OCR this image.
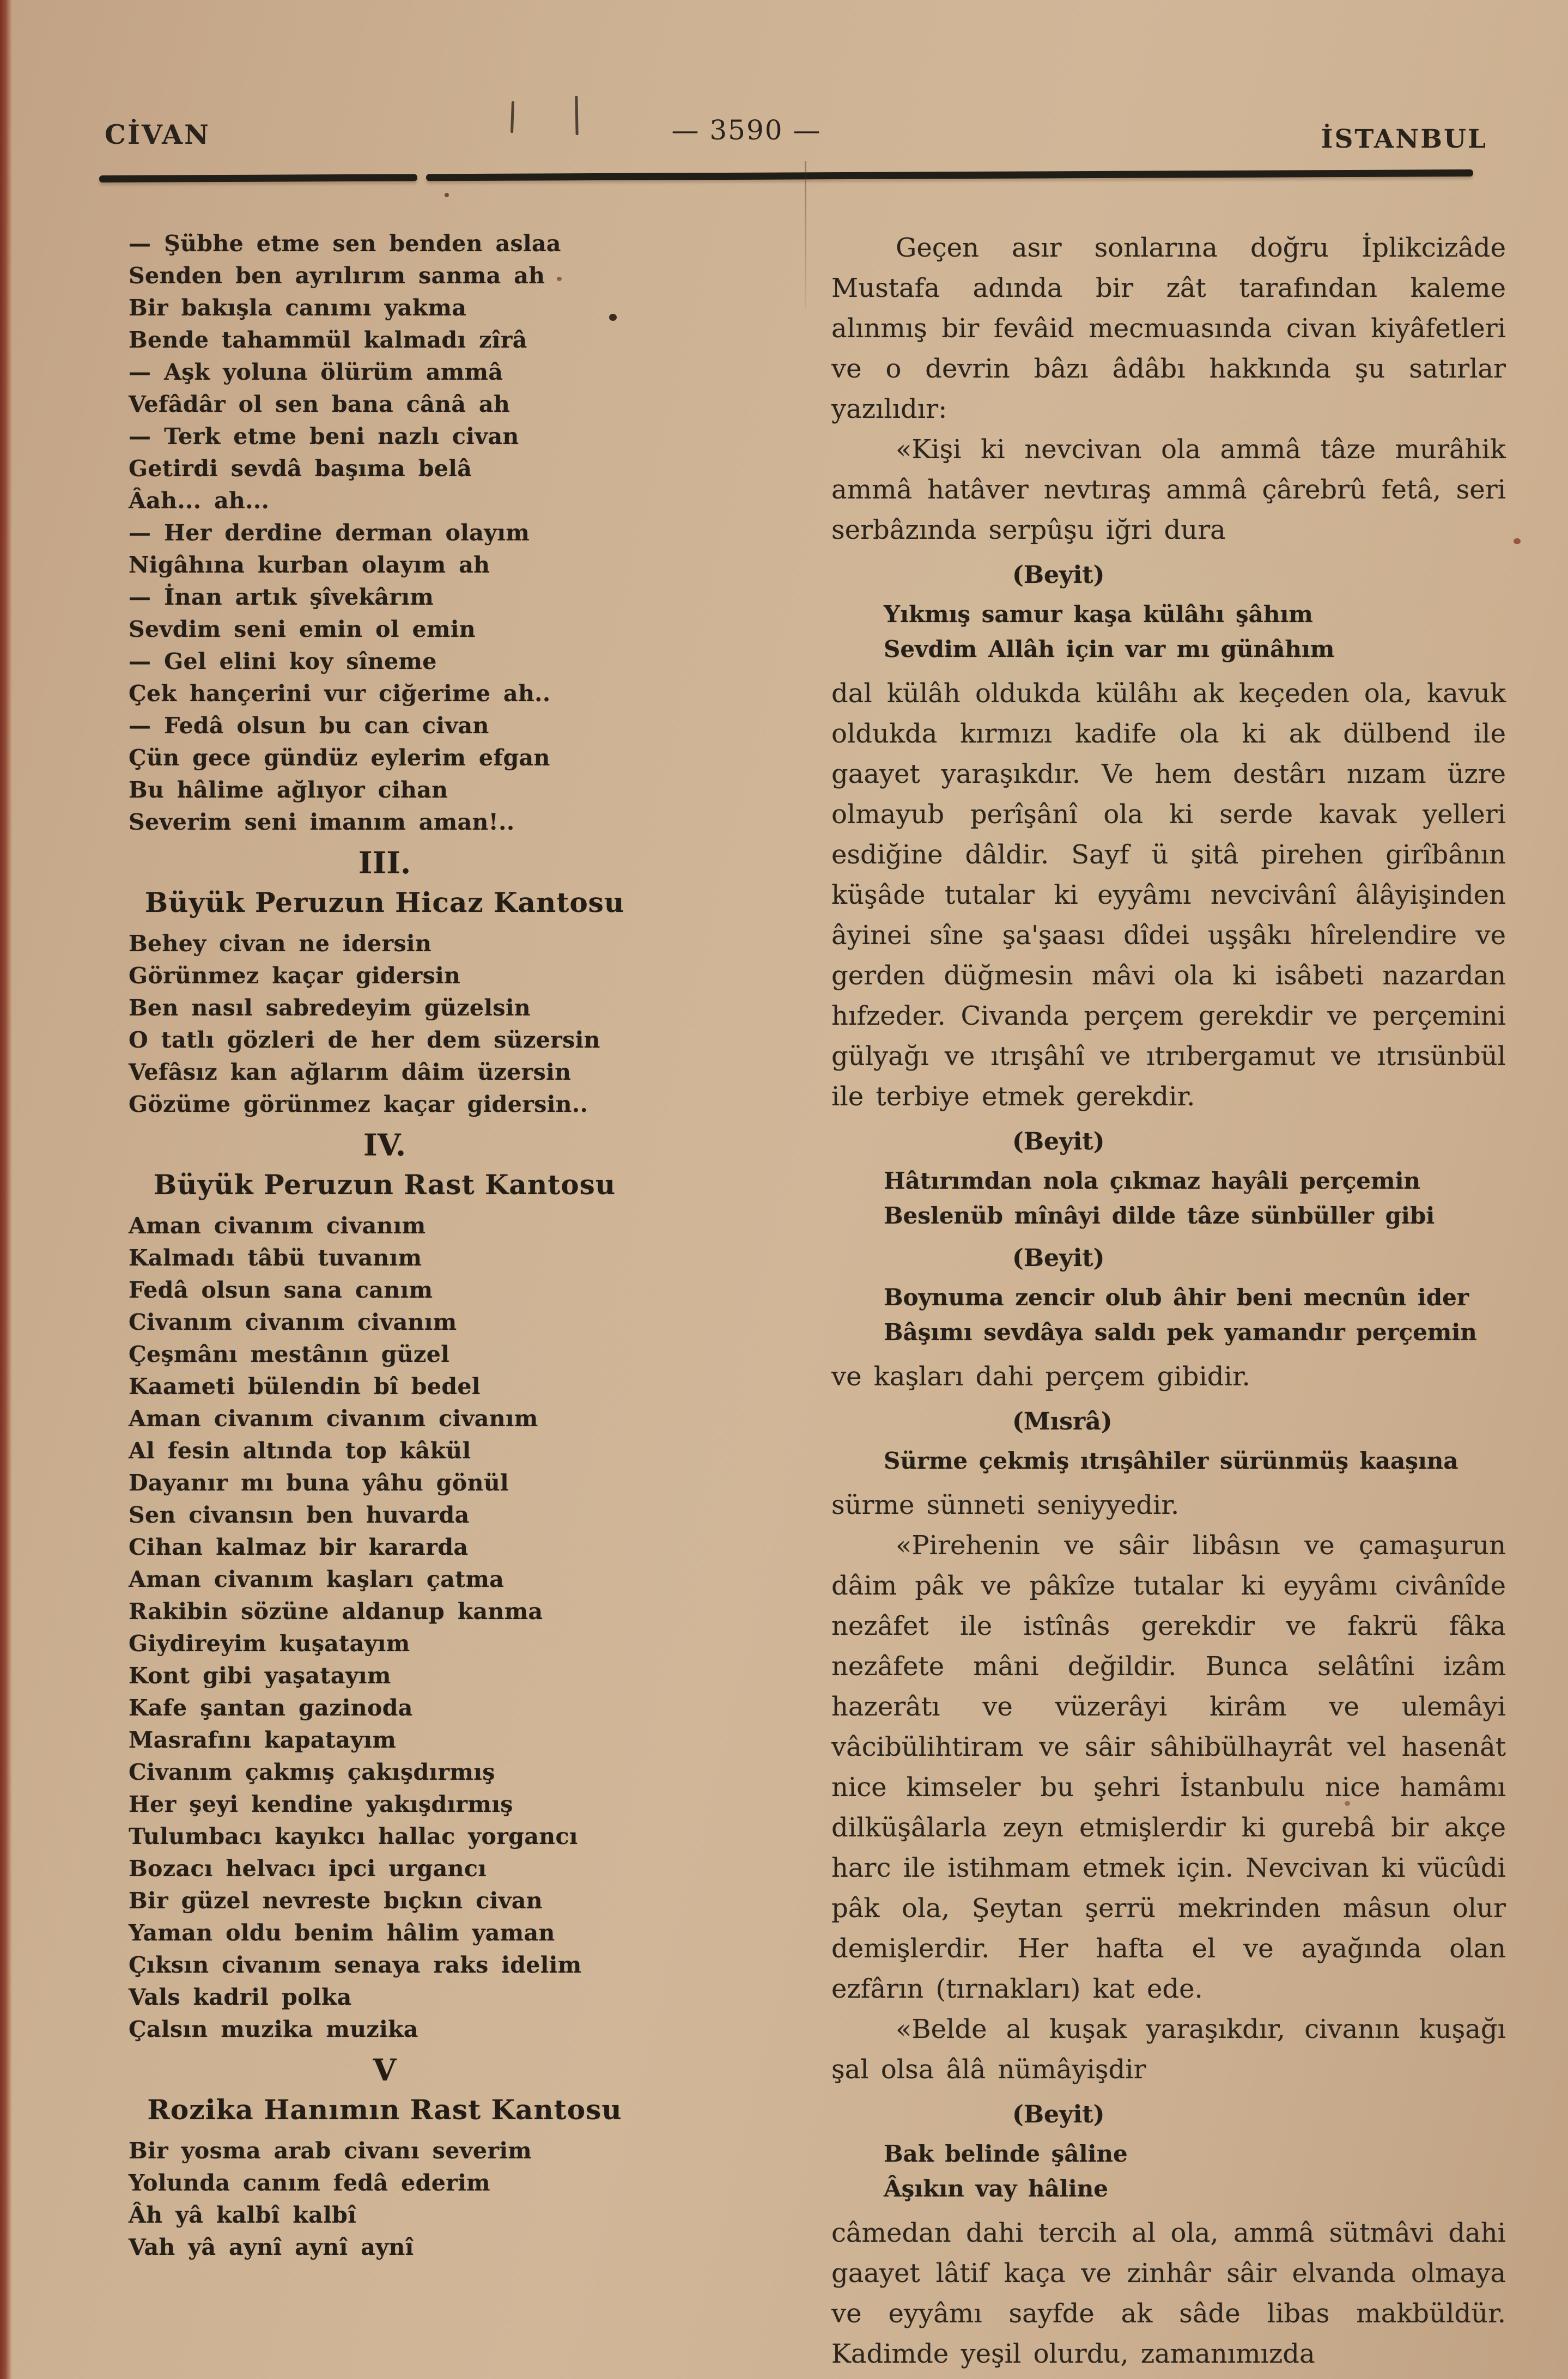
CİVAN	— 3590 —	İSTANBUL
— Şübhe etme sen benden aslaa
Senden ben ayrılırım sanma ah
Bir bakışla canımı yakma
Bende tahammül kalmadı zîrâ
— Aşk yoluna ölürüm ammâ
Vefâdâr ol sen bana cânâ ah
— Terk etme beni nazlı civan
Getirdi sevdâ başıma belâ
Âah... ah...
— Her derdine derman olayım
Nigâhına kurban olayım ah
— İnan artık şîvekârım
Sevdim seni emin ol emin
— Gel elini koy sîneme
Çek hançerini vur ciğerime ah..
— Fedâ olsun bu can civan
Çün gece gündüz eylerim efgan
Bu hâlime ağlıyor cihan
Severim seni imanım aman!..
III.
Büyük Peruzun Hicaz Kantosu
Behey civan ne idersin
Görünmez kaçar gidersin
Ben nasıl sabredeyim güzelsin
O tatlı gözleri de her dem süzersin
Vefâsız kan ağlarım dâim üzersin
Gözüme görünmez kaçar gidersin..
IV.
Büyük Peruzun Rast Kantosu
Aman civanım civanım
Kalmadı tâbü tuvanım
Fedâ olsun sana canım
Civanım civanım civanım
Çeşmânı mestânın güzel
Kaameti bülendin bî bedel
Aman civanım civanım civanım
Al fesin altında top kâkül
Dayanır mı buna yâhu gönül
Sen civansın ben huvarda
Cihan kalmaz bir kararda
Aman civanım kaşları çatma
Rakibin sözüne aldanup kanma
Giydireyim kuşatayım
Kont gibi yaşatayım
Kafe şantan gazinoda
Masrafını kapatayım
Civanım çakmış çakışdırmış
Her şeyi kendine yakışdırmış
Tulumbacı kayıkcı hallac yorgancı
Bozacı helvacı ipci urgancı
Bir güzel nevreste bıçkın civan
Yaman oldu benim hâlim yaman
Çıksın civanım senaya raks idelim
Vals kadril polka
Çalsın muzika muzika
V
Rozika Hanımın Rast Kantosu
Bir yosma arab civanı severim
Yolunda canım fedâ ederim
Âh yâ kalbî kalbî
Vah yâ aynî aynî aynî
Geçen asır sonlarına doğru İplikcizâde Mustafa adında bir zât tarafından kaleme alınmış bir fevâid mecmuasında civan kiyâfetleri ve o devrin bâzı âdâbı hakkında şu satırlar yazılıdır:
«Kişi ki nevcivan ola ammâ tâze murâhik ammâ hatâver nevtıraş ammâ çârebrû fetâ, seri serbâzında serpûşu iğri dura
(Beyit)
Yıkmış samur kaşa külâhı şâhım
Sevdim Allâh için var mı günâhım
dal külâh oldukda külâhı ak keçeden ola, kavuk oldukda kırmızı kadife ola ki ak dülbend ile gaayet yaraşıkdır. Ve hem destârı nızam üzre olmayub perîşânî ola ki serde kavak yelleri esdiğine dâldir. Sayf ü şitâ pirehen girîbânın küşâde tutalar ki eyyâmı nevcivânî âlâyişinden âyinei sîne şa'şaası dîdei uşşâkı hîrelendire ve gerden düğmesin mâvi ola ki isâbeti nazardan hıfzeder. Civanda perçem gerekdir ve perçemini gülyağı ve ıtrışâhî ve ıtrıbergamut ve ıtrısünbül ile terbiye etmek gerekdir.
(Beyit)
Hâtırımdan nola çıkmaz hayâli perçemin
Beslenüb mînâyi dilde tâze sünbüller gibi
(Beyit)
Boynuma zencir olub âhir beni mecnûn ider
Bâşımı sevdâya saldı pek yamandır perçemin
ve kaşları dahi perçem gibidir.
(Mısrâ)
Sürme çekmiş ıtrışâhiler sürünmüş kaaşına
sürme sünneti seniyyedir.
«Pirehenin ve sâir libâsın ve çamaşurun dâim pâk ve pâkîze tutalar ki eyyâmı civânîde nezâfet ile istînâs gerekdir ve fakrü fâka nezâfete mâni değildir. Bunca selâtîni izâm hazerâtı ve vüzerâyi kirâm ve ulemâyi vâcibülihtiram ve sâir sâhibülhayrât vel hasenât nice kimseler bu şehri İstanbulu nice hamâmı dilküşâlarla zeyn etmişlerdir ki gurebâ bir akçe harc ile istihmam etmek için. Nevcivan ki vücûdi pâk ola, Şeytan şerrü mekrinden mâsun olur demişlerdir. Her hafta el ve ayağında olan ezfârın (tırnakları) kat ede.
«Belde al kuşak yaraşıkdır, civanın kuşağı şal olsa âlâ nümâyişdir
(Beyit)
Bak belinde şâline
Âşıkın vay hâline
câmedan dahi tercih al ola, ammâ sütmâvi dahi gaayet lâtif kaça ve zinhâr sâir elvanda olmaya ve eyyâmı sayfde ak sâde libas makbüldür. Kadimde yeşil olurdu, zamanımızda
